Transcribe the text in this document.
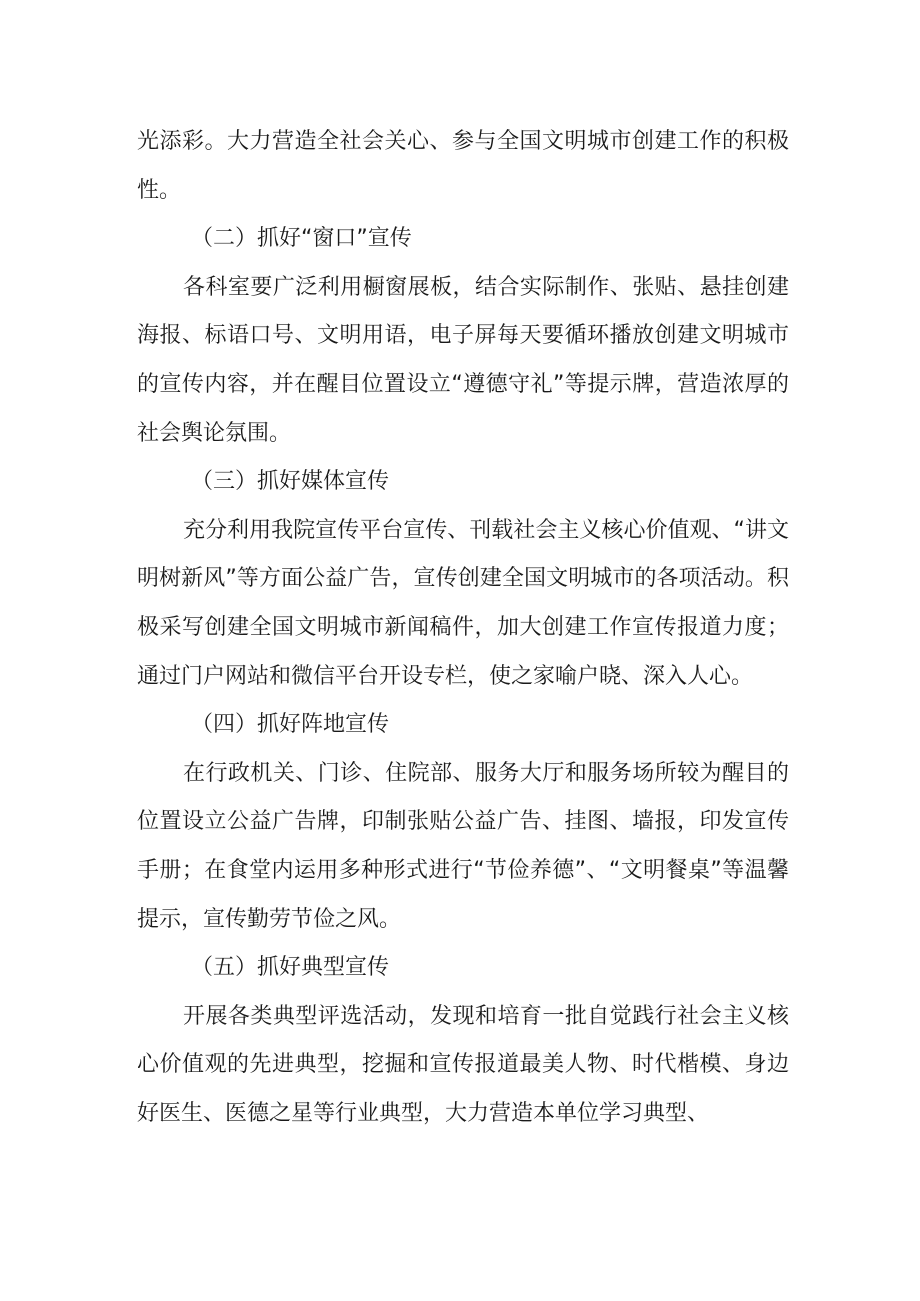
光添彩。大力营造全社会关心、参与全国文明城市创建工作的积极性。

（二）抓好“窗口”宣传

各科室要广泛利用橱窗展板，结合实际制作、张贴、悬挂创建海报、标语口号、文明用语，电子屏每天要循环播放创建文明城市的宣传内容，并在醒目位置设立“遵德守礼”等提示牌，营造浓厚的社会舆论氛围。

（三）抓好媒体宣传

充分利用我院宣传平台宣传、刊载社会主义核心价值观、“讲文明树新风”等方面公益广告，宣传创建全国文明城市的各项活动。积极采写创建全国文明城市新闻稿件，加大创建工作宣传报道力度；通过门户网站和微信平台开设专栏，使之家喻户晓、深入人心。

（四）抓好阵地宣传

在行政机关、门诊、住院部、服务大厅和服务场所较为醒目的位置设立公益广告牌，印制张贴公益广告、挂图、墙报，印发宣传手册；在食堂内运用多种形式进行“节俭养德”、“文明餐桌”等温馨提示，宣传勤劳节俭之风。

（五）抓好典型宣传

开展各类典型评选活动，发现和培育一批自觉践行社会主义核心价值观的先进典型，挖掘和宣传报道最美人物、时代楷模、身边好医生、医德之星等行业典型，大力营造本单位学习典型、
